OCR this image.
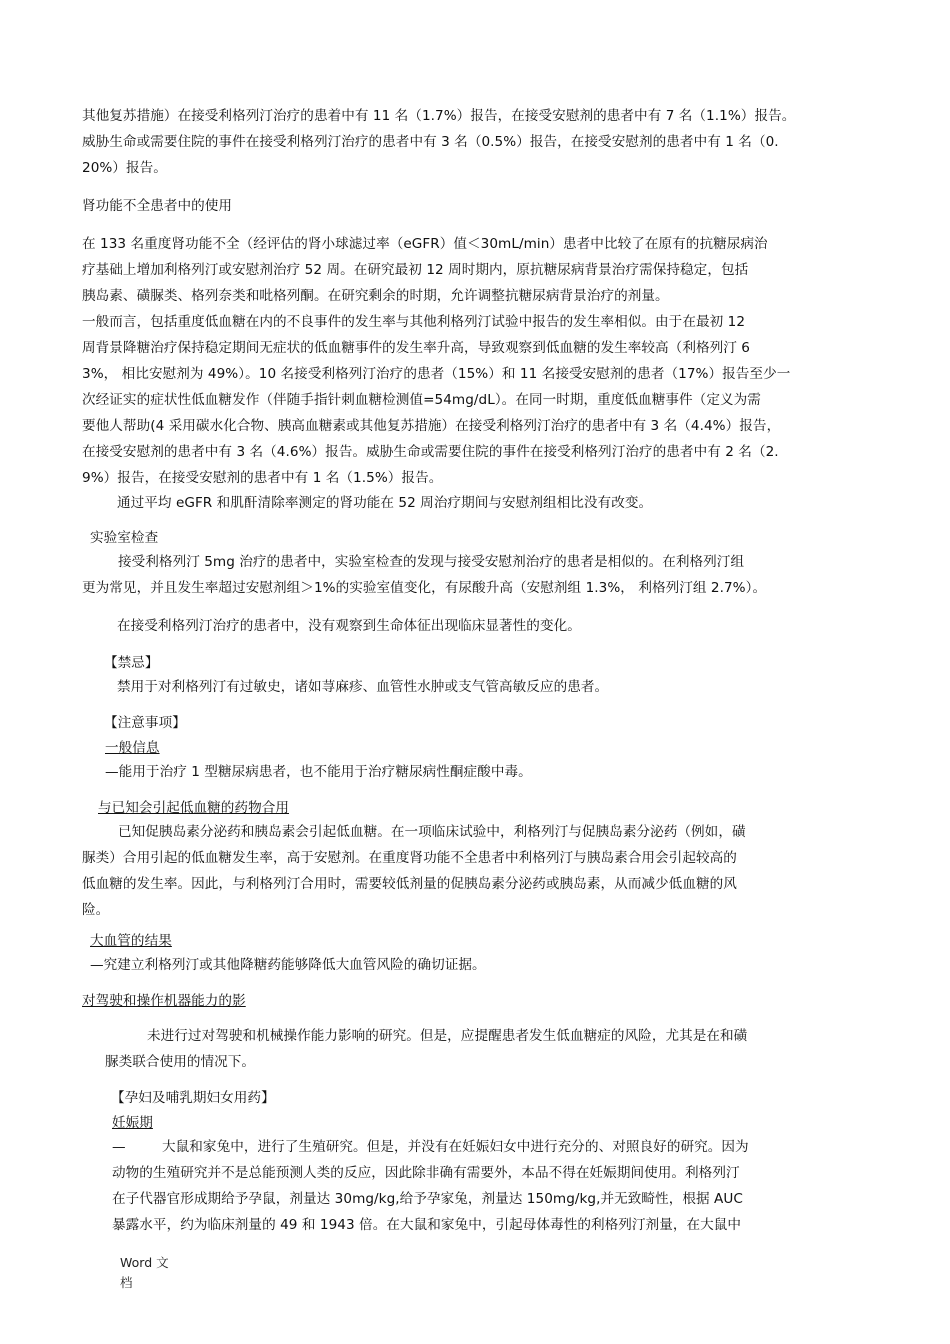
其他复苏措施）在接受利格列汀治疗的患着中有 11 名（1.7%）报告，在接受安慰剂的患者中有 7 名（1.1%）报告。
威胁生命或需要住院的事件在接受利格列汀治疗的患者中有 3 名（0.5%）报告，在接受安慰剂的患者中有 1 名（0.
20%）报告。
肾功能不全患者中的使用
在 133 名重度肾功能不全（经评估的肾小球滤过率（eGFR）值＜30mL/min）患者中比较了在原有的抗糖尿病治
疗基础上增加利格列汀或安慰剂治疗 52 周。在研究最初 12 周时期内，原抗糖尿病背景治疗需保持稳定，包括
胰岛素、磺脲类、格列奈类和吡格列酮。在研究剩余的时期，允许调整抗糖尿病背景治疗的剂量。
一般而言，包括重度低血糖在内的不良事件的发生率与其他利格列汀试验中报告的发生率相似。由于在最初 12
周背景降糖治疗保持稳定期间无症状的低血糖事件的发生率升高，导致观察到低血糖的发生率较高（利格列汀 6
3%， 相比安慰剂为 49%）。10 名接受利格列汀治疗的患者（15%）和 11 名接受安慰剂的患者（17%）报告至少一
次经证实的症状性低血糖发作（伴随手指针刺血糖检测值=54mg/dL）。在同一时期，重度低血糖事件（定义为需
要他人帮助(4 采用碳水化合物、胰高血糖素或其他复苏措施）在接受利格列汀治疗的患者中有 3 名（4.4%）报告，
在接受安慰剂的患者中有 3 名（4.6%）报告。威胁生命或需要住院的事件在接受利格列汀治疗的患者中有 2 名（2.
9%）报告，在接受安慰剂的患者中有 1 名（1.5%）报告。
通过平均 eGFR 和肌酐清除率测定的肾功能在 52 周治疗期间与安慰剂组相比没有改变。
实验室检查
接受利格列汀 5mg 治疗的患者中，实验室检查的发现与接受安慰剂治疗的患者是相似的。在利格列汀组
更为常见，并且发生率超过安慰剂组＞1%的实验室值变化，有尿酸升高（安慰剂组 1.3%， 利格列汀组 2.7%）。
在接受利格列汀治疗的患者中，没有观察到生命体征出现临床显著性的变化。
【禁忌】
禁用于对利格列汀有过敏史，诸如荨麻疹、血管性水肿或支气管高敏反应的患者。
【注意事项】
一般信息
—能用于治疗 1 型糖尿病患者，也不能用于治疗糖尿病性酮症酸中毒。
与已知会引起低血糖的药物合用
已知促胰岛素分泌药和胰岛素会引起低血糖。在一项临床试验中，利格列汀与促胰岛素分泌药（例如，磺
脲类）合用引起的低血糖发生率，高于安慰剂。在重度肾功能不全患者中利格列汀与胰岛素合用会引起较高的
低血糖的发生率。因此，与利格列汀合用时，需要较低剂量的促胰岛素分泌药或胰岛素，从而减少低血糖的风
险。
大血管的结果
—究建立利格列汀或其他降糖药能够降低大血管风险的确切证据。
对驾驶和操作机器能力的影
未进行过对驾驶和机械操作能力影响的研究。但是，应提醒患者发生低血糖症的风险，尤其是在和磺
脲类联合使用的情况下。
【孕妇及哺乳期妇女用药】
妊娠期
—	大鼠和家兔中，进行了生殖研究。但是，并没有在妊娠妇女中进行充分的、对照良好的研究。因为
动物的生殖研究并不是总能预测人类的反应，因此除非确有需要外，本品不得在妊娠期间使用。利格列汀
在子代器官形成期给予孕鼠，剂量达 30mg/kg,给予孕家兔，剂量达 150mg/kg,并无致畸性，根据 AUC
暴露水平，约为临床剂量的 49 和 1943 倍。在大鼠和家兔中，引起母体毒性的利格列汀剂量，在大鼠中
Word 文
档
